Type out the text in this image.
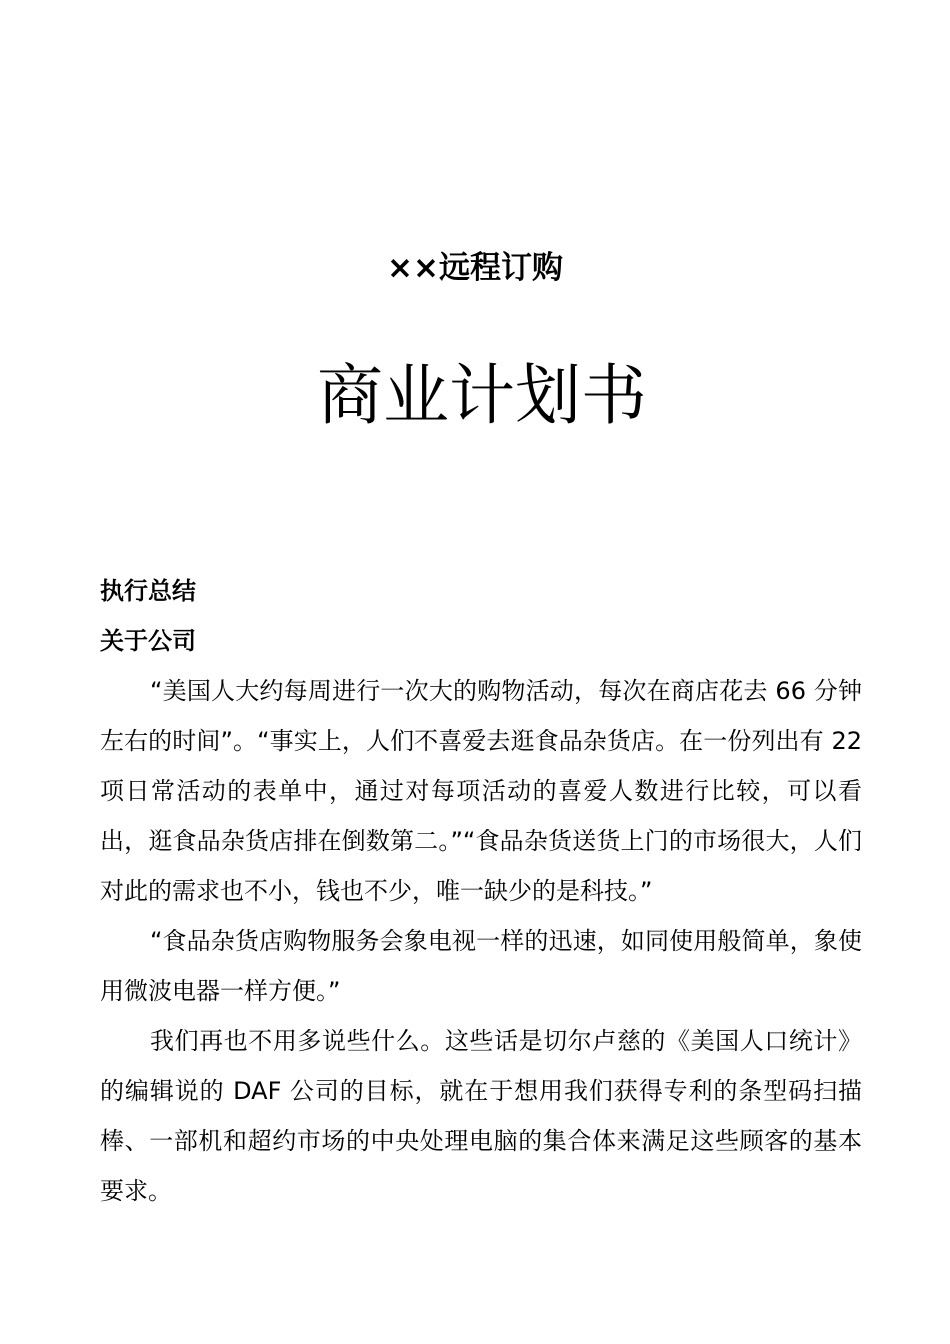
××远程订购
商业计划书

执行总结

关于公司

“美国人大约每周进行一次大的购物活动，每次在商店花去 66 分钟左右的时间”。“事实上，人们不喜爱去逛食品杂货店。在一份列出有 22 项日常活动的表单中，通过对每项活动的喜爱人数进行比较，可以看出，逛食品杂货店排在倒数第二。”“食品杂货送货上门的市场很大，人们对此的需求也不小，钱也不少，唯一缺少的是科技。”

“食品杂货店购物服务会象电视一样的迅速，如同使用般简单，象使用微波电器一样方便。”

我们再也不用多说些什么。这些话是切尔卢慈的《美国人口统计》的编辑说的 DAF 公司的目标，就在于想用我们获得专利的条型码扫描棒、一部机和超约市场的中央处理电脑的集合体来满足这些顾客的基本要求。
